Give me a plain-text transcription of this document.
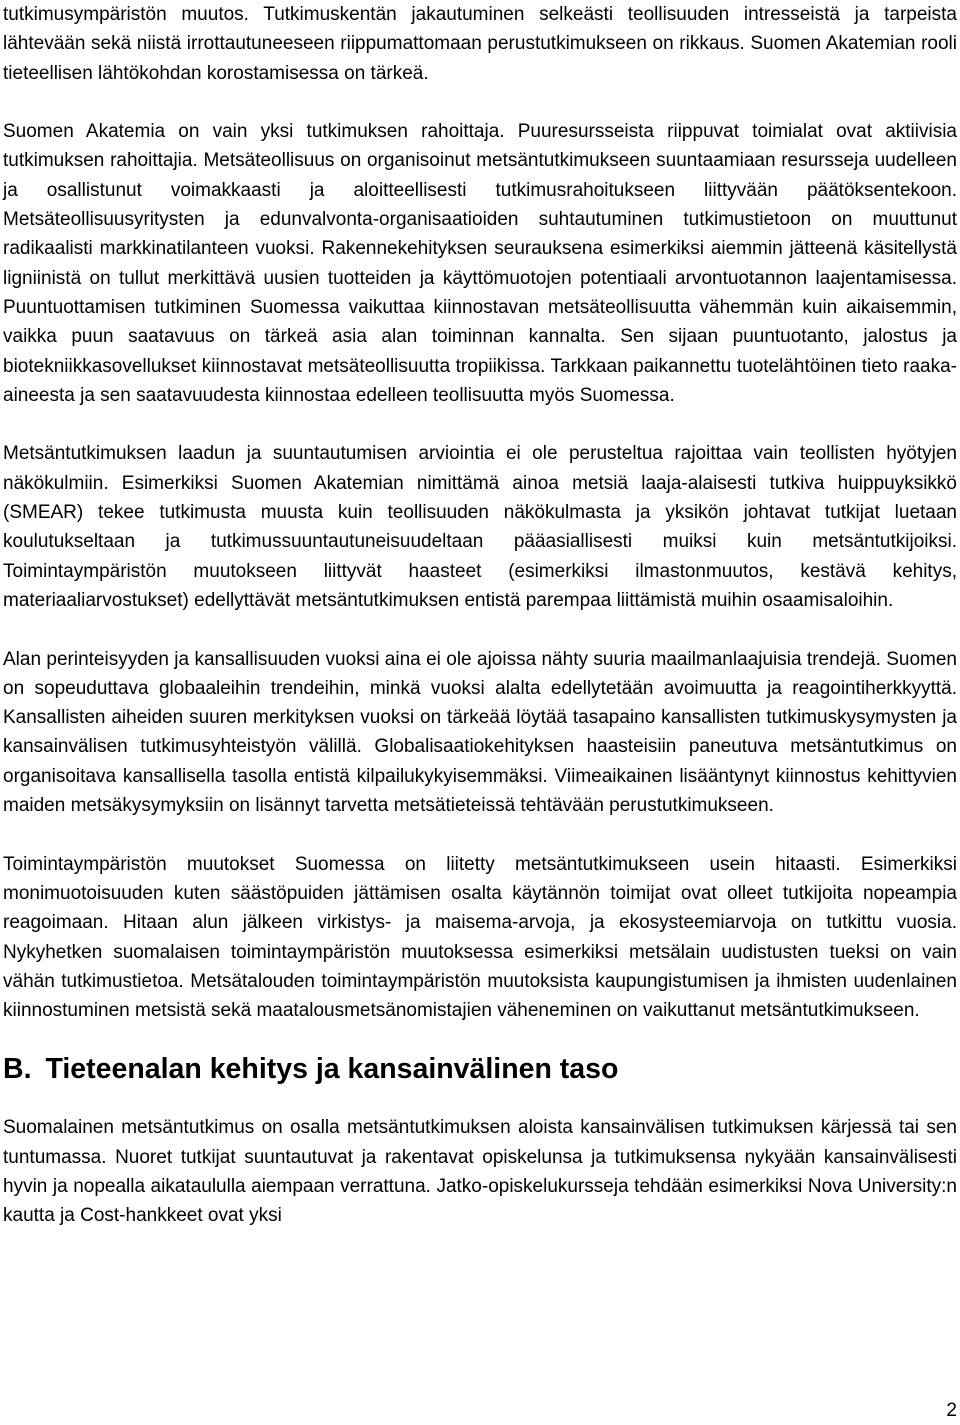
tutkimusympäristön muutos. Tutkimuskentän jakautuminen selkeästi teollisuuden intresseistä ja tarpeista lähtevään sekä niistä irrottautuneeseen riippumattomaan perustutkimukseen on rikkaus. Suomen Akatemian rooli tieteellisen lähtökohdan korostamisessa on tärkeä.

Suomen Akatemia on vain yksi tutkimuksen rahoittaja. Puuresursseista riippuvat toimialat ovat aktiivisia tutkimuksen rahoittajia. Metsäteollisuus on organisoinut metsäntutkimukseen suuntaamiaan resursseja uudelleen ja osallistunut voimakkaasti ja aloitteellisesti tutkimusrahoitukseen liittyvään päätöksentekoon. Metsäteollisuusyritysten ja edunvalvonta-organisaatioiden suhtautuminen tutkimustietoon on muuttunut radikaalisti markkinatilanteen vuoksi. Rakennekehityksen seurauksena esimerkiksi aiemmin jätteenä käsitellystä ligniinistä on tullut merkittävä uusien tuotteiden ja käyttömuotojen potentiaali arvontuotannon laajentamisessa. Puuntuottamisen tutkiminen Suomessa vaikuttaa kiinnostavan metsäteollisuutta vähemmän kuin aikaisemmin, vaikka puun saatavuus on tärkeä asia alan toiminnan kannalta. Sen sijaan puuntuotanto, jalostus ja biotekniikkasovellukset kiinnostavat metsäteollisuutta tropiikissa. Tarkkaan paikannettu tuotelähtöinen tieto raaka-aineesta ja sen saatavuudesta kiinnostaa edelleen teollisuutta myös Suomessa.

Metsäntutkimuksen laadun ja suuntautumisen arviointia ei ole perusteltua rajoittaa vain teollisten hyötyjen näkökulmiin. Esimerkiksi Suomen Akatemian nimittämä ainoa metsiä laaja-alaisesti tutkiva huippuyksikkö (SMEAR) tekee tutkimusta muusta kuin teollisuuden näkökulmasta ja yksikön johtavat tutkijat luetaan koulutukseltaan ja tutkimussuuntautuneisuudeltaan pääasiallisesti muiksi kuin metsäntutkijoiksi. Toimintaympäristön muutokseen liittyvät haasteet (esimerkiksi ilmastonmuutos, kestävä kehitys, materiaaliarvostukset) edellyttävät metsäntutkimuksen entistä parempaa liittämistä muihin osaamisaloihin.

Alan perinteisyyden ja kansallisuuden vuoksi aina ei ole ajoissa nähty suuria maailmanlaajuisia trendejä. Suomen on sopeuduttava globaaleihin trendeihin, minkä vuoksi alalta edellytetään avoimuutta ja reagointiherkkyyttä. Kansallisten aiheiden suuren merkityksen vuoksi on tärkeää löytää tasapaino kansallisten tutkimuskysymysten ja kansainvälisen tutkimusyhteistyön välillä. Globalisaatiokehityksen haasteisiin paneutuva metsäntutkimus on organisoitava kansallisella tasolla entistä kilpailukykyisemmäksi. Viimeaikainen lisääntynyt kiinnostus kehittyvien maiden metsäkysymyksiin on lisännyt tarvetta metsätieteissä tehtävään perustutkimukseen.

Toimintaympäristön muutokset Suomessa on liitetty metsäntutkimukseen usein hitaasti. Esimerkiksi monimuotoisuuden kuten säästöpuiden jättämisen osalta käytännön toimijat ovat olleet tutkijoita nopeampia reagoimaan. Hitaan alun jälkeen virkistys- ja maisema-arvoja, ja ekosysteemiarvoja on tutkittu vuosia. Nykyhetken suomalaisen toimintaympäristön muutoksessa esimerkiksi metsälain uudistusten tueksi on vain vähän tutkimustietoa. Metsätalouden toimintaympäristön muutoksista kaupungistumisen ja ihmisten uudenlainen kiinnostuminen metsistä sekä maatalousmetsänomistajien väheneminen on vaikuttanut metsäntutkimukseen.

B. Tieteenalan kehitys ja kansainvälinen taso

Suomalainen metsäntutkimus on osalla metsäntutkimuksen aloista kansainvälisen tutkimuksen kärjessä tai sen tuntumassa. Nuoret tutkijat suuntautuvat ja rakentavat opiskelunsa ja tutkimuksensa nykyään kansainvälisesti hyvin ja nopealla aikataululla aiempaan verrattuna. Jatko-opiskelukursseja tehdään esimerkiksi Nova University:n kautta ja Cost-hankkeet ovat yksi

2
